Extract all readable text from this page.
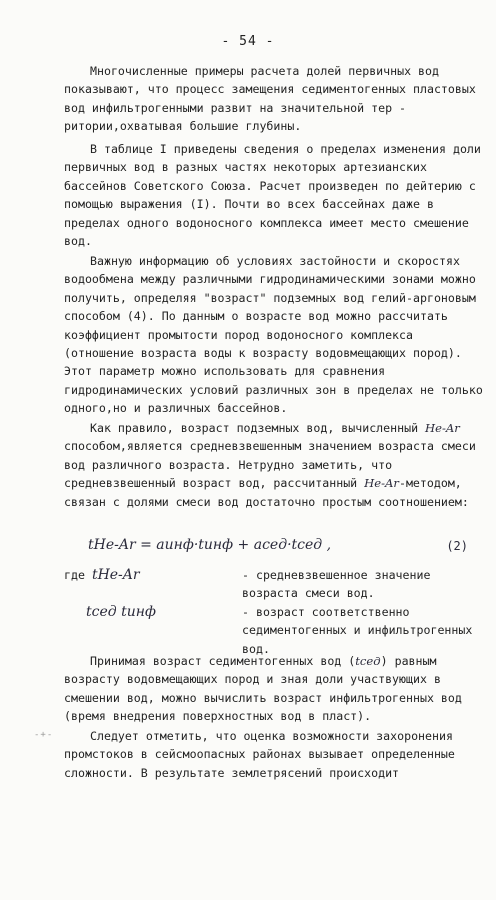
- 54 -

Многочисленные примеры расчета долей первичных вод показывают, что процесс замещения седиментогенных пластовых вод инфильтрогенными развит на значительной тер - ритории,охватывая большие глубины.

В таблице I приведены сведения о пределах изменения доли первичных вод в разных частях некоторых артезианских бассейнов Советского Союза. Расчет произведен по дейтерию с помощью выражения (I). Почти во всех бассейнах даже в пределах одного водоносного комплекса имеет место смешение вод.

Важную информацию об условиях застойности и скоростях водообмена между различными гидродинамическими зонами можно получить, определяя "возраст" подземных вод гелий-аргоновым способом (4). По данным о возрасте вод можно рассчитать коэффициент промытости пород водоносного комплекса (отношение возраста воды к возрасту водовмещающих пород). Этот параметр можно использовать для сравнения гидродинамических условий различных зон в пределах не только одного,но и различных бассейнов.

Как правило, возраст подземных вод, вычисленный He-Ar способом,является средневзвешенным значением возраста смеси вод различного возраста. Нетрудно заметить, что средневзвешенный возраст вод, рассчитанный He-Ar-методом, связан с долями смеси вод достаточно простым соотношением:

tHe-Ar = aинф·tинф + aсед·tсед ,	(2)
где tHe-Ar	- средневзвешенное значение возраста смеси вод.
tсед tинф	- возраст соответственно седиментогенных и инфильтрогенных вод.

Принимая возраст седиментогенных вод (tсед) равным возрасту водовмещающих пород и зная доли участвующих в смешении вод, можно вычислить возраст инфильтрогенных вод (время внедрения поверхностных вод в пласт).

-+-	Следует отметить, что оценка возможности захоронения промстоков в сейсмоопасных районах вызывает определенные сложности. В результате землетрясений происходит
